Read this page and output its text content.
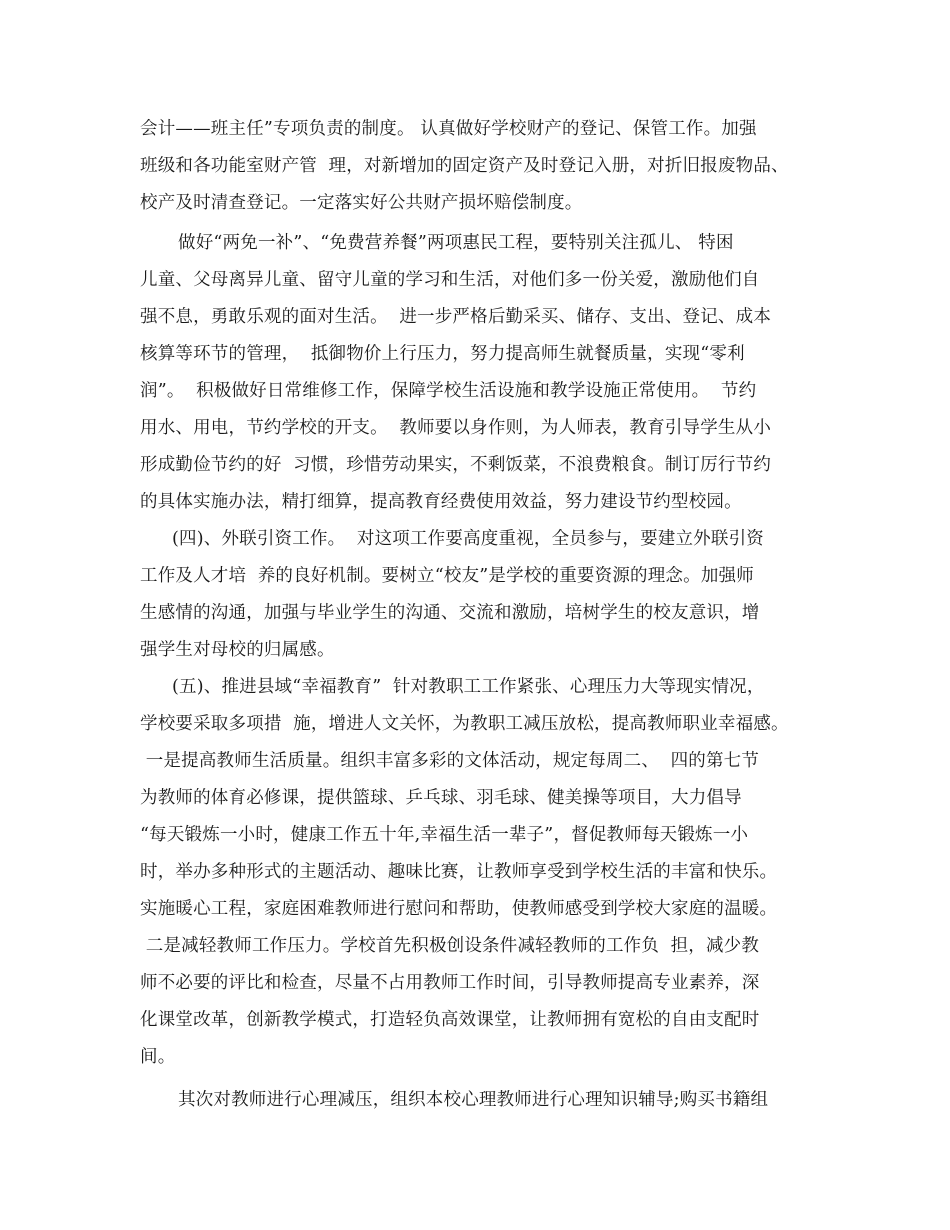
会计——班主任”专项负责的制度。 认真做好学校财产的登记、保管工作。加强
班级和各功能室财产管  理，对新增加的固定资产及时登记入册，对折旧报废物品、
校产及时清查登记。一定落实好公共财产损坏赔偿制度。
做好“两免一补”、“免费营养餐”两项惠民工程，要特别关注孤儿、 特困
儿童、父母离异儿童、留守儿童的学习和生活，对他们多一份关爱，激励他们自
强不息，勇敢乐观的面对生活。  进一步严格后勤采买、储存、支出、登记、成本
核算等环节的管理，  抵御物价上行压力，努力提高师生就餐质量，实现“零利
润”。  积极做好日常维修工作，保障学校生活设施和教学设施正常使用。  节约
用水、用电，节约学校的开支。  教师要以身作则，为人师表，教育引导学生从小
形成勤俭节约的好  习惯，珍惜劳动果实，不剩饭菜，不浪费粮食。制订厉行节约
的具体实施办法，精打细算，提高教育经费使用效益，努力建设节约型校园。
(四)、外联引资工作。  对这项工作要高度重视，全员参与，要建立外联引资
工作及人才培  养的良好机制。要树立“校友”是学校的重要资源的理念。加强师
生感情的沟通，加强与毕业学生的沟通、交流和激励，培树学生的校友意识，增
强学生对母校的归属感。
(五)、推进县域“幸福教育”  针对教职工工作紧张、心理压力大等现实情况，
学校要采取多项措  施，增进人文关怀，为教职工减压放松，提高教师职业幸福感。
一是提高教师生活质量。组织丰富多彩的文体活动，规定每周二、  四的第七节
为教师的体育必修课，提供篮球、乒乓球、羽毛球、健美操等项目，大力倡导
“每天锻炼一小时，健康工作五十年,幸福生活一辈子”，督促教师每天锻炼一小
时，举办多种形式的主题活动、趣味比赛，让教师享受到学校生活的丰富和快乐。
实施暖心工程，家庭困难教师进行慰问和帮助，使教师感受到学校大家庭的温暖。
二是减轻教师工作压力。学校首先积极创设条件减轻教师的工作负  担，减少教
师不必要的评比和检查，尽量不占用教师工作时间，引导教师提高专业素养，深
化课堂改革，创新教学模式，打造轻负高效课堂，让教师拥有宽松的自由支配时
间。
其次对教师进行心理减压，组织本校心理教师进行心理知识辅导;购买书籍组
